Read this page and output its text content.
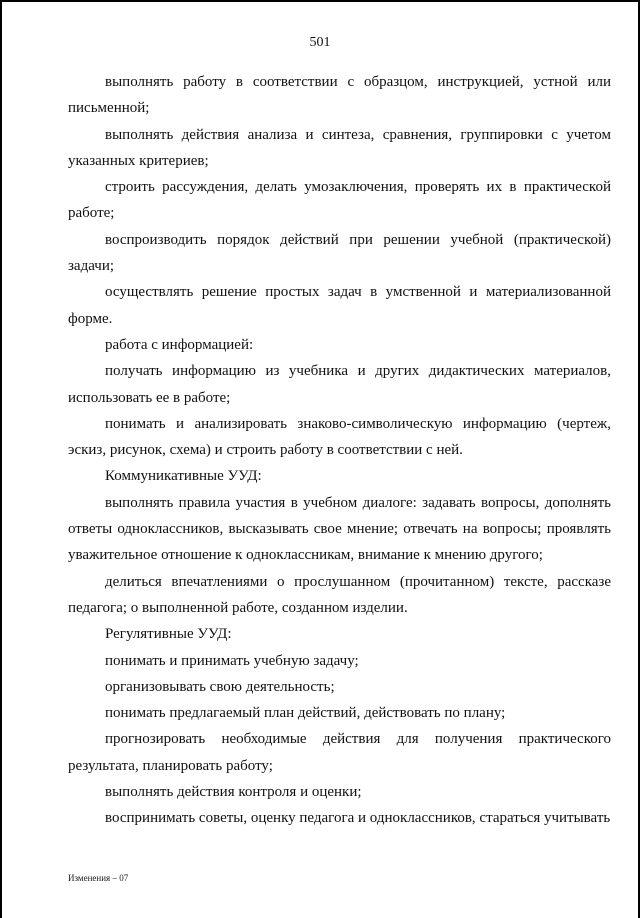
501

выполнять работу в соответствии с образцом, инструкцией, устной или письменной;

выполнять действия анализа и синтеза, сравнения, группировки с учетом указанных критериев;

строить рассуждения, делать умозаключения, проверять их в практической работе;

воспроизводить порядок действий при решении учебной (практической) задачи;

осуществлять решение простых задач в умственной и материализованной форме.

работа с информацией:

получать информацию из учебника и других дидактических материалов, использовать ее в работе;

понимать и анализировать знаково-символическую информацию (чертеж, эскиз, рисунок, схема) и строить работу в соответствии с ней.

Коммуникативные УУД:

выполнять правила участия в учебном диалоге: задавать вопросы, дополнять ответы одноклассников, высказывать свое мнение; отвечать на вопросы; проявлять уважительное отношение к одноклассникам, внимание к мнению другого;

делиться впечатлениями о прослушанном (прочитанном) тексте, рассказе педагога; о выполненной работе, созданном изделии.

Регулятивные УУД:

понимать и принимать учебную задачу;

организовывать свою деятельность;

понимать предлагаемый план действий, действовать по плану;

прогнозировать необходимые действия для получения практического результата, планировать работу;

выполнять действия контроля и оценки;

воспринимать советы, оценку педагога и одноклассников, стараться учитывать

Изменения – 07
